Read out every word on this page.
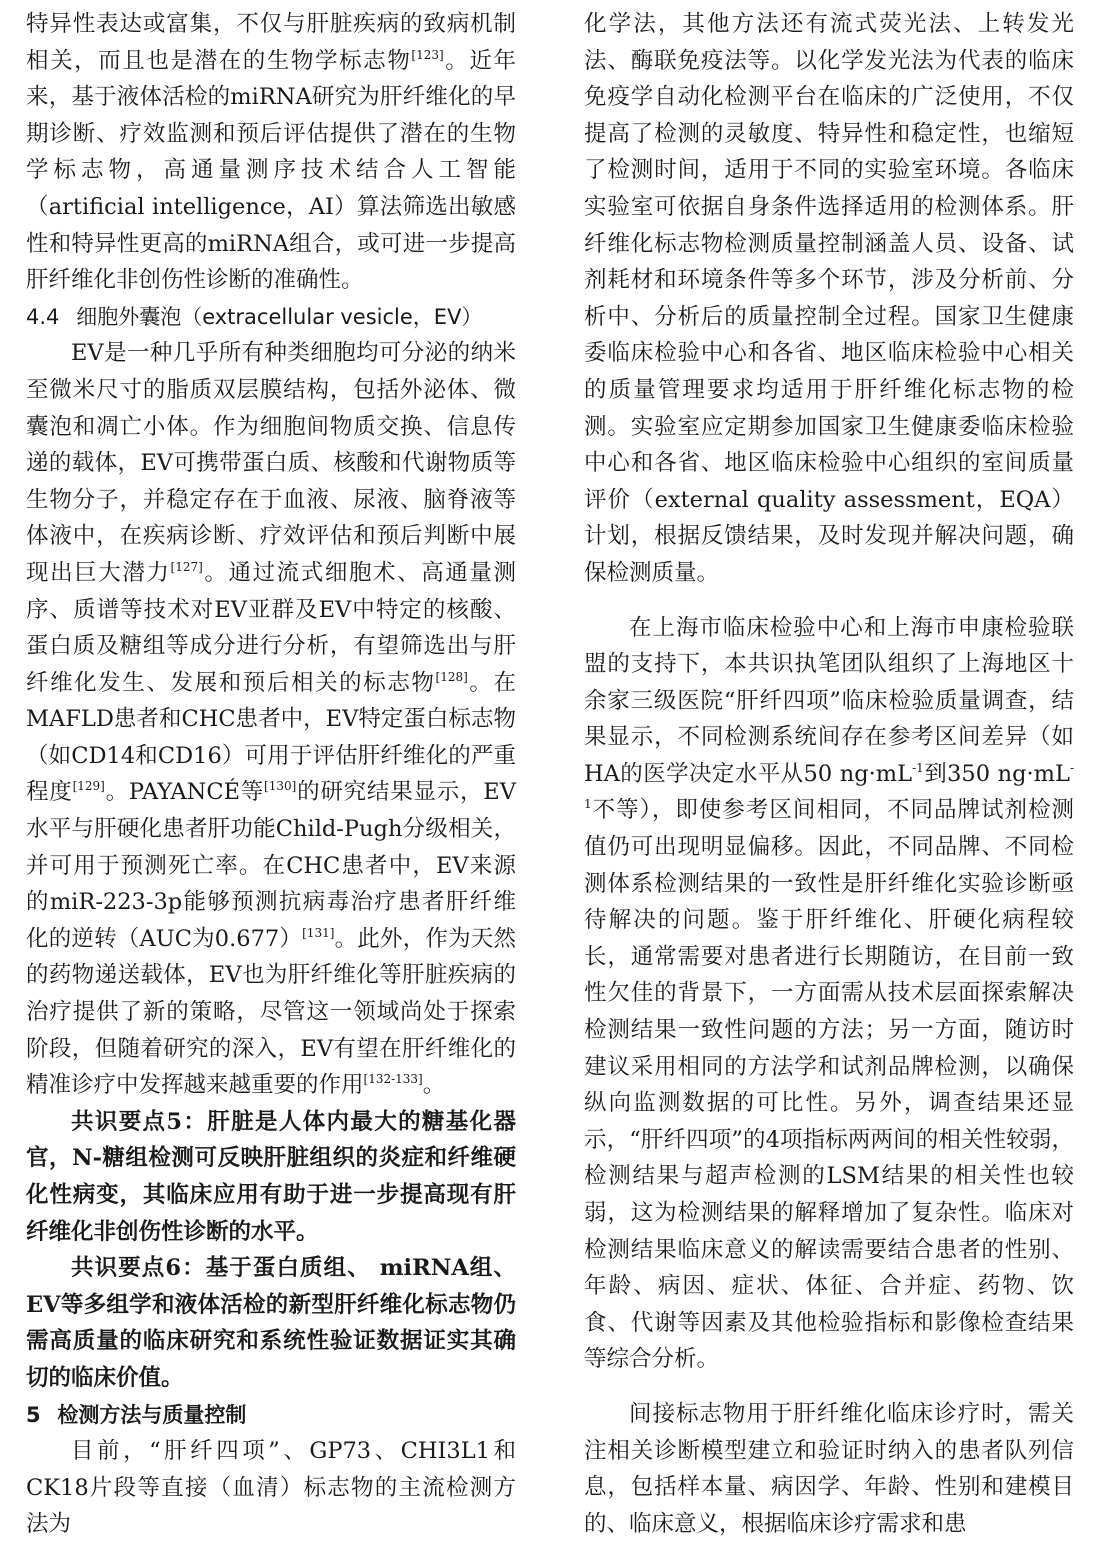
特异性表达或富集，不仅与肝脏疾病的致病机制相关，而且也是潜在的生物学标志物[123]。近年来，基于液体活检的miRNA研究为肝纤维化的早期诊断、疗效监测和预后评估提供了潜在的生物学标志物，高通量测序技术结合人工智能（artificial intelligence，AI）算法筛选出敏感性和特异性更高的miRNA组合，或可进一步提高肝纤维化非创伤性诊断的准确性。

4.4 细胞外囊泡（extracellular vesicle，EV）

EV是一种几乎所有种类细胞均可分泌的纳米至微米尺寸的脂质双层膜结构，包括外泌体、微囊泡和凋亡小体。作为细胞间物质交换、信息传递的载体，EV可携带蛋白质、核酸和代谢物质等生物分子，并稳定存在于血液、尿液、脑脊液等体液中，在疾病诊断、疗效评估和预后判断中展现出巨大潜力[127]。通过流式细胞术、高通量测序、质谱等技术对EV亚群及EV中特定的核酸、蛋白质及糖组等成分进行分析，有望筛选出与肝纤维化发生、发展和预后相关的标志物[128]。在MAFLD患者和CHC患者中，EV特定蛋白标志物（如CD14和CD16）可用于评估肝纤维化的严重程度[129]。PAYANCÉ等[130]的研究结果显示，EV水平与肝硬化患者肝功能Child-Pugh分级相关，并可用于预测死亡率。在CHC患者中，EV来源的miR-223-3p能够预测抗病毒治疗患者肝纤维化的逆转（AUC为0.677）[131]。此外，作为天然的药物递送载体，EV也为肝纤维化等肝脏疾病的治疗提供了新的策略，尽管这一领域尚处于探索阶段，但随着研究的深入，EV有望在肝纤维化的精准诊疗中发挥越来越重要的作用[132-133]。

共识要点5：肝脏是人体内最大的糖基化器官，N-糖组检测可反映肝脏组织的炎症和纤维硬化性病变，其临床应用有助于进一步提高现有肝纤维化非创伤性诊断的水平。

共识要点6：基于蛋白质组、 miRNA组、EV等多组学和液体活检的新型肝纤维化标志物仍需高质量的临床研究和系统性验证数据证实其确切的临床价值。

5 检测方法与质量控制

目前，“肝纤四项”、GP73、CHI3L1和CK18片段等直接（血清）标志物的主流检测方法为

化学法，其他方法还有流式荧光法、上转发光法、酶联免疫法等。以化学发光法为代表的临床免疫学自动化检测平台在临床的广泛使用，不仅提高了检测的灵敏度、特异性和稳定性，也缩短了检测时间，适用于不同的实验室环境。各临床实验室可依据自身条件选择适用的检测体系。肝纤维化标志物检测质量控制涵盖人员、设备、试剂耗材和环境条件等多个环节，涉及分析前、分析中、分析后的质量控制全过程。国家卫生健康委临床检验中心和各省、地区临床检验中心相关的质量管理要求均适用于肝纤维化标志物的检测。实验室应定期参加国家卫生健康委临床检验中心和各省、地区临床检验中心组织的室间质量评价（external quality assessment，EQA）计划，根据反馈结果，及时发现并解决问题，确保检测质量。

在上海市临床检验中心和上海市申康检验联盟的支持下，本共识执笔团队组织了上海地区十余家三级医院“肝纤四项”临床检验质量调查，结果显示，不同检测系统间存在参考区间差异（如HA的医学决定水平从50 $ng\cdot mL^{-1}$到350 $ng\cdot mL^{-1}$不等），即使参考区间相同，不同品牌试剂检测值仍可出现明显偏移。因此，不同品牌、不同检测体系检测结果的一致性是肝纤维化实验诊断亟待解决的问题。鉴于肝纤维化、肝硬化病程较长，通常需要对患者进行长期随访，在目前一致性欠佳的背景下，一方面需从技术层面探索解决检测结果一致性问题的方法；另一方面，随访时建议采用相同的方法学和试剂品牌检测，以确保纵向监测数据的可比性。另外，调查结果还显示，“肝纤四项”的4项指标两两间的相关性较弱，检测结果与超声检测的LSM结果的相关性也较弱，这为检测结果的解释增加了复杂性。临床对检测结果临床意义的解读需要结合患者的性别、年龄、病因、症状、体征、合并症、药物、饮食、代谢等因素及其他检验指标和影像检查结果等综合分析。

间接标志物用于肝纤维化临床诊疗时，需关注相关诊断模型建立和验证时纳入的患者队列信息，包括样本量、病因学、年龄、性别和建模目的、临床意义，根据临床诊疗需求和患
